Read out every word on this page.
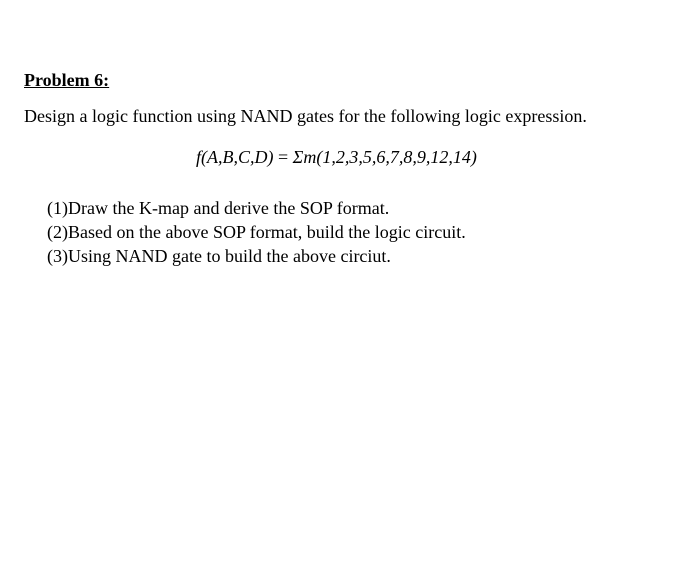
Problem 6:
Design a logic function using NAND gates for the following logic expression.
f(A,B,C,D) = Σm(1,2,3,5,6,7,8,9,12,14)
(1)Draw the K-map and derive the SOP format.
(2)Based on the above SOP format, build the logic circuit.
(3)Using NAND gate to build the above circiut.
